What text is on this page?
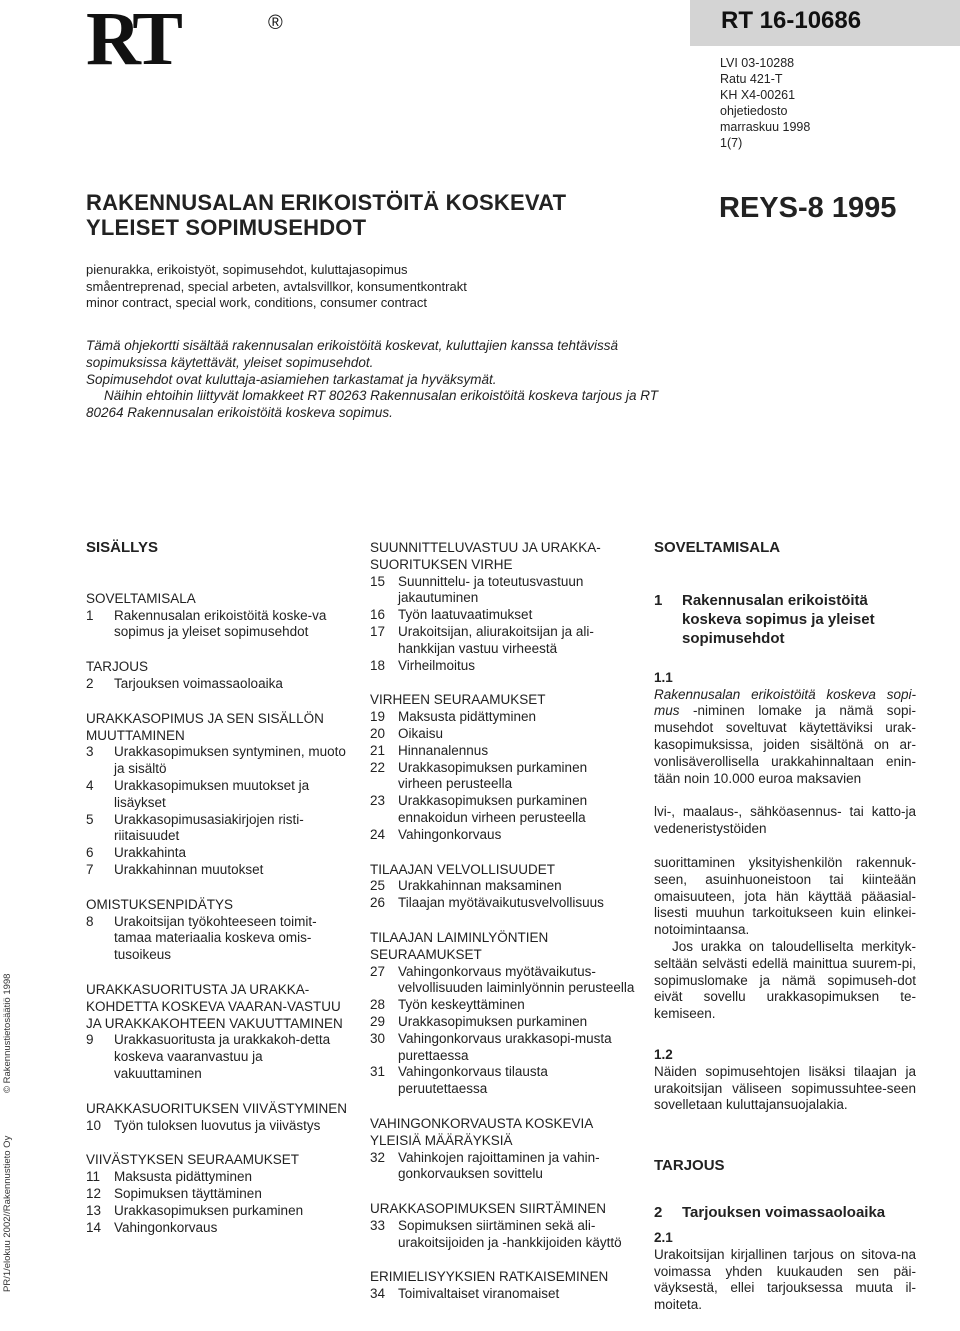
RT	®	RT 16-10686
LVI 03-10288
Ratu 421-T
KH X4-00261
ohjetiedosto
marraskuu 1998
1(7)
RAKENNUSALAN ERIKOISTÖITÄ KOSKEVAT
YLEISET SOPIMUSEHDOT
REYS-8 1995
pienurakka, erikoistyöt, sopimusehdot, kuluttajasopimus
småentreprenad, special arbeten, avtalsvillkor, konsumentkontrakt
minor contract, special work, conditions, consumer contract

Tämä ohjekortti sisältää rakennusalan erikoistöitä koskevat, kuluttajien kanssa tehtävissä sopimuksissa käytettävät, yleiset sopimusehdot.

Sopimusehdot ovat kuluttaja-asiamiehen tarkastamat ja hyväksymät.

Näihin ehtoihin liittyvät lomakkeet RT 80263 Rakennusalan erikoistöitä koskeva tarjous ja RT 80264 Rakennusalan erikoistöitä koskeva sopimus.

SISÄLLYS
SOVELTAMISALA
1	Rakennusalan erikoistöitä koske-va sopimus ja yleiset sopimusehdot
TARJOUS
2	Tarjouksen voimassaoloaika
URAKKASOPIMUS JA SEN SISÄLLÖN MUUTTAMINEN
3	Urakkasopimuksen syntyminen, muoto ja sisältö
4	Urakkasopimuksen muutokset ja lisäykset
5	Urakkasopimusasiakirjojen risti-riitaisuudet
6	Urakkahinta
7	Urakkahinnan muutokset
OMISTUKSENPIDÄTYS
8	Urakoitsijan työkohteeseen toimit-tamaa materiaalia koskeva omis-tusoikeus
URAKKASUORITUSTA JA URAKKA-KOHDETTA KOSKEVA VAARAN-VASTUU JA URAKKAKOHTEEN VAKUUTTAMINEN
9	Urakkasuoritusta ja urakkakoh-detta koskeva vaaranvastuu ja vakuuttaminen
URAKKASUORITUKSEN VIIVÄSTYMINEN
10 Työn tuloksen luovutus ja viivästys
VIIVÄSTYKSEN SEURAAMUKSET
11	Maksusta pidättyminen
12 Sopimuksen täyttäminen
13 Urakkasopimuksen purkaminen
14 Vahingonkorvaus
SUUNNITTELUVASTUU JA URAKKA-SUORITUKSEN VIRHE
15 Suunnittelu- ja toteutusvastuun jakautuminen
16 Työn laatuvaatimukset
17 Urakoitsijan, aliurakoitsijan ja ali-hankkijan vastuu virheestä
18 Virheilmoitus
VIRHEEN SEURAAMUKSET
19 Maksusta pidättyminen
20 Oikaisu
21 Hinnanalennus
22 Urakkasopimuksen purkaminen virheen perusteella
23 Urakkasopimuksen purkaminen ennakoidun virheen perusteella
24 Vahingonkorvaus
TILAAJAN VELVOLLISUUDET
25 Urakkahinnan maksaminen
26 Tilaajan myötävaikutusvelvollisuus
TILAAJAN LAIMINLYÖNTIEN SEURAAMUKSET
27 Vahingonkorvaus myötävaikutus-velvollisuuden laiminlyönnin perusteella
28 Työn keskeyttäminen
29 Urakkasopimuksen purkaminen
30 Vahingonkorvaus urakkasopi-musta purettaessa
31 Vahingonkorvaus tilausta peruutettaessa
VAHINGONKORVAUSTA KOSKEVIA YLEISIÄ MÄÄRÄYKSIÄ
32 Vahinkojen rajoittaminen ja vahin-gonkorvauksen sovittelu
URAKKASOPIMUKSEN SIIRTÄMINEN
33 Sopimuksen siirtäminen sekä ali-urakoitsijoiden ja -hankkijoiden käyttö
ERIMIELISYYKSIEN RATKAISEMINEN
34 Toimivaltaiset viranomaiset
SOVELTAMISALA
1	Rakennusalan erikoistöitä koskeva sopimus ja yleiset sopimusehdot
1.1
Rakennusalan erikoistöitä koskeva sopi-mus -niminen lomake ja nämä sopi-musehdot soveltuvat käytettäviksi urak-kasopimuksissa, joiden sisältönä on ar-vonlisäverollisella urakkahinnaltaan enin-tään noin 10.000 euroa maksavien
lvi-, maalaus-, sähköasennus- tai katto-ja vedeneristystöiden
suorittaminen yksityishenkilön rakennuk-seen, asuinhuoneistoon tai kiinteään omaisuuteen, jota hän käyttää pääasial-lisesti muuhun tarkoitukseen kuin elinkei-notoimintaansa.
Jos urakka on taloudelliselta merkityk-seltään selvästi edellä mainittua suurem-pi, sopimuslomake ja nämä sopimuseh-dot eivät sovellu urakkasopimuksen te-kemiseen.
1.2
Näiden sopimusehtojen lisäksi tilaajan ja urakoitsijan väliseen sopimussuhtee-seen sovelletaan kuluttajansuojalakia.
TARJOUS
2	Tarjouksen voimassaoloaika
2.1
Urakoitsijan kirjallinen tarjous on sitova-na voimassa yhden kuukauden sen päi-väyksestä, ellei tarjouksessa muuta il-moiteta.
PR/1/elokuu 2002//Rakennustieto Oy © Rakennustietosäätiö 1998
